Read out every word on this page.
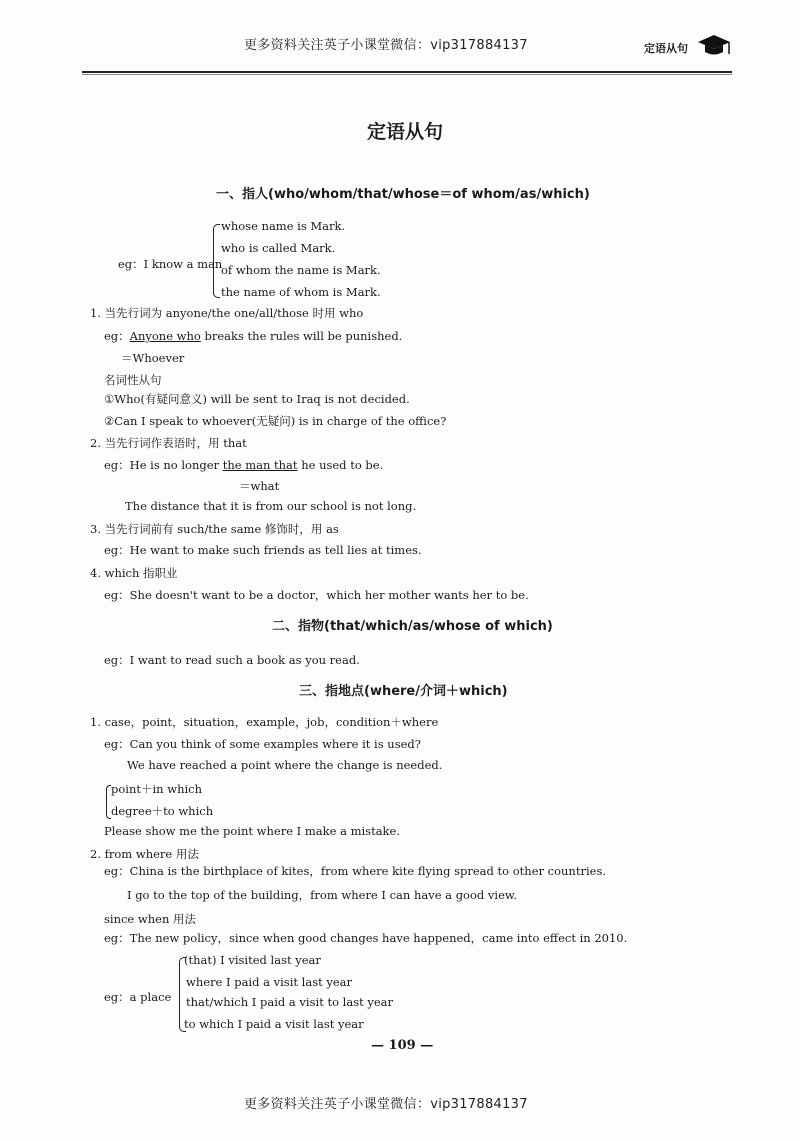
更多资料关注英子小课堂微信：vip317884137	定语从句
定语从句
一、指人(who/whom/that/whose＝of whom/as/which)
eg：I know a man
whose name is Mark.
who is called Mark.
of whom the name is Mark.
the name of whom is Mark.
1. 当先行词为 anyone/the one/all/those 时用 who
eg：Anyone who breaks the rules will be punished.
＝Whoever
名词性从句
①Who(有疑问意义) will be sent to Iraq is not decided.
②Can I speak to whoever(无疑问) is in charge of the office?
2. 当先行词作表语时，用 that
eg：He is no longer the man that he used to be.
＝what
The distance that it is from our school is not long.
3. 当先行词前有 such/the same 修饰时，用 as
eg：He want to make such friends as tell lies at times.
4. which 指职业
eg：She doesn't want to be a doctor，which her mother wants her to be.
二、指物(that/which/as/whose of which)
eg：I want to read such a book as you read.
三、指地点(where/介词＋which)
1. case，point，situation，example，job，condition＋where
eg：Can you think of some examples where it is used?
We have reached a point where the change is needed.
point＋in which
degree＋to which
Please show me the point where I make a mistake.
2. from where 用法
eg：China is the birthplace of kites，from where kite flying spread to other countries.
I go to the top of the building，from where I can have a good view.
since when 用法
eg：The new policy，since when good changes have happened，came into effect in 2010.
eg：a place
(that) I visited last year
where I paid a visit last year
that/which I paid a visit to last year
to which I paid a visit last year
— 109 —
更多资料关注英子小课堂微信：vip317884137
